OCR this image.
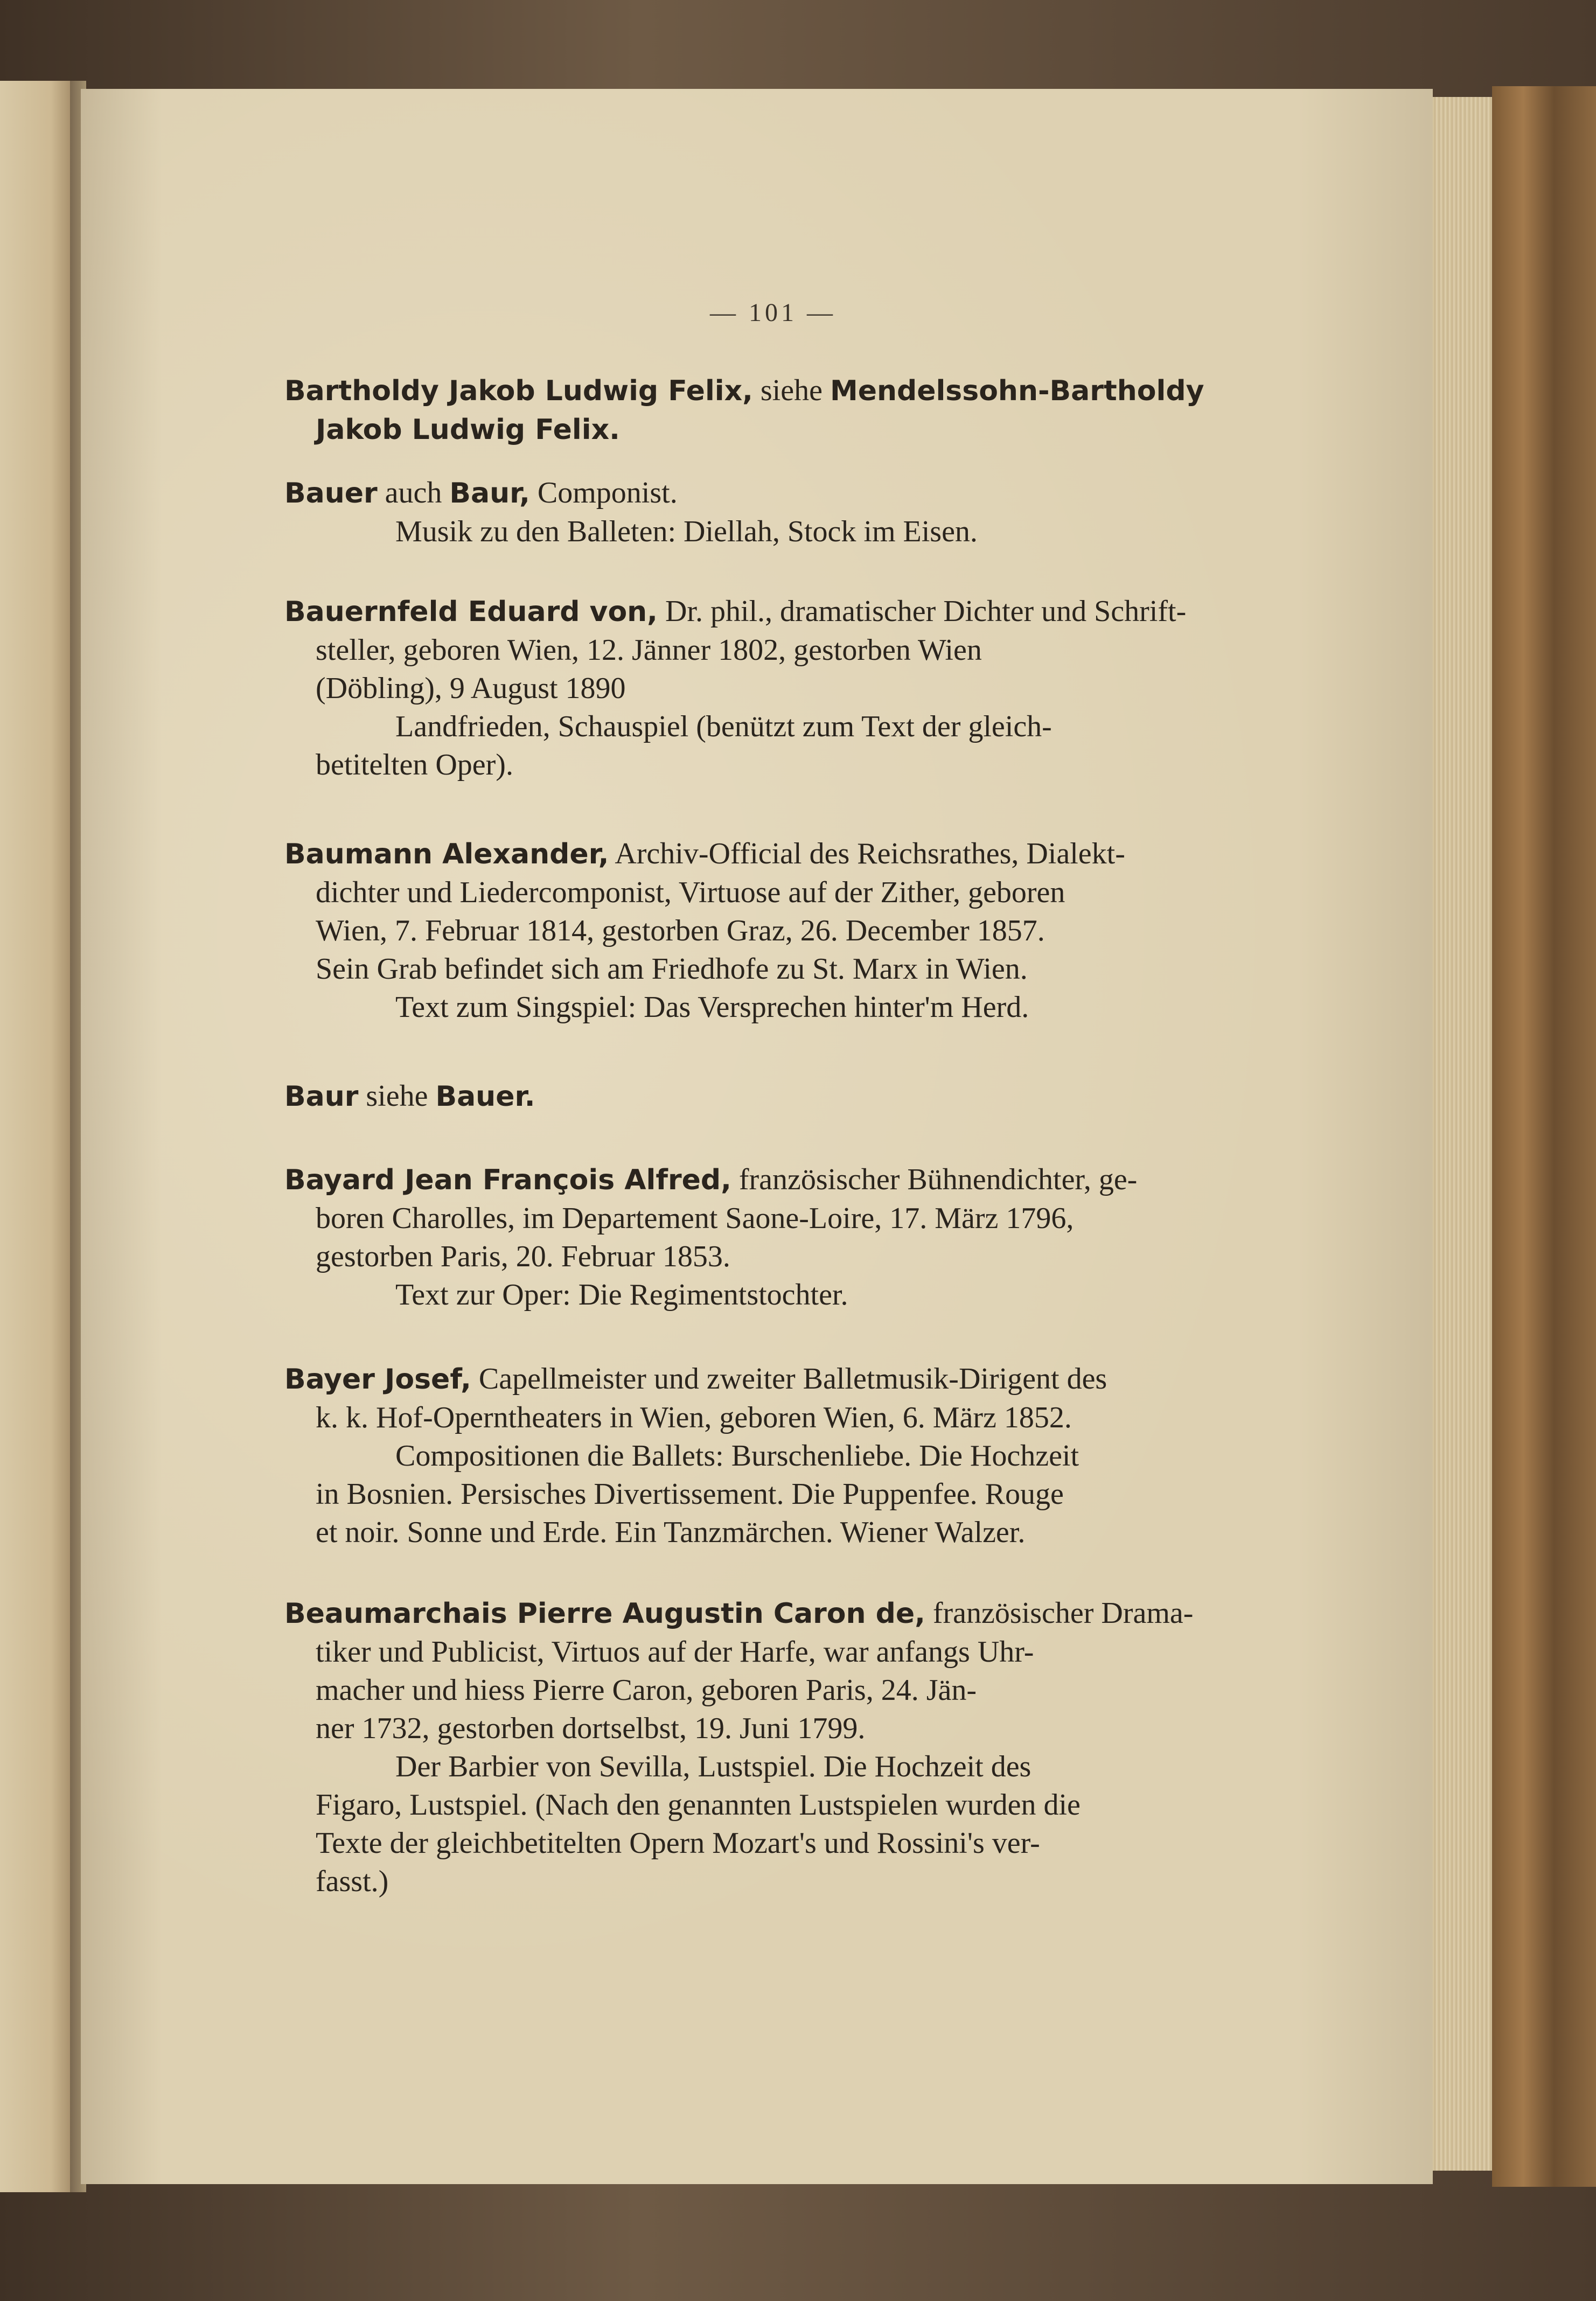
— 101 —

Bartholdy Jakob Ludwig Felix, siehe Mendelssohn-Bartholdy

Jakob Ludwig Felix.

Bauer auch Baur, Componist.

Musik zu den Balleten: Diellah, Stock im Eisen.

Bauernfeld Eduard von, Dr. phil., dramatischer Dichter und Schrift-

steller, geboren Wien, 12. Jänner 1802, gestorben Wien

(Döbling), 9 August 1890

Landfrieden, Schauspiel (benützt zum Text der gleich-

betitelten Oper).

Baumann Alexander, Archiv-Official des Reichsrathes, Dialekt-

dichter und Liedercomponist, Virtuose auf der Zither, geboren

Wien, 7. Februar 1814, gestorben Graz, 26. December 1857.

Sein Grab befindet sich am Friedhofe zu St. Marx in Wien.

Text zum Singspiel: Das Versprechen hinter'm Herd.

Baur siehe Bauer.

Bayard Jean François Alfred, französischer Bühnendichter, ge-

boren Charolles, im Departement Saone-Loire, 17. März 1796,

gestorben Paris, 20. Februar 1853.

Text zur Oper: Die Regimentstochter.

Bayer Josef, Capellmeister und zweiter Balletmusik-Dirigent des

k. k. Hof-Operntheaters in Wien, geboren Wien, 6. März 1852.

Compositionen die Ballets: Burschenliebe. Die Hochzeit

in Bosnien. Persisches Divertissement. Die Puppenfee. Rouge

et noir. Sonne und Erde. Ein Tanzmärchen. Wiener Walzer.

Beaumarchais Pierre Augustin Caron de, französischer Drama-

tiker und Publicist, Virtuos auf der Harfe, war anfangs Uhr-

macher und hiess Pierre Caron, geboren Paris, 24. Jän-

ner 1732, gestorben dortselbst, 19. Juni 1799.

Der Barbier von Sevilla, Lustspiel. Die Hochzeit des

Figaro, Lustspiel. (Nach den genannten Lustspielen wurden die

Texte der gleichbetitelten Opern Mozart's und Rossini's ver-

fasst.)
